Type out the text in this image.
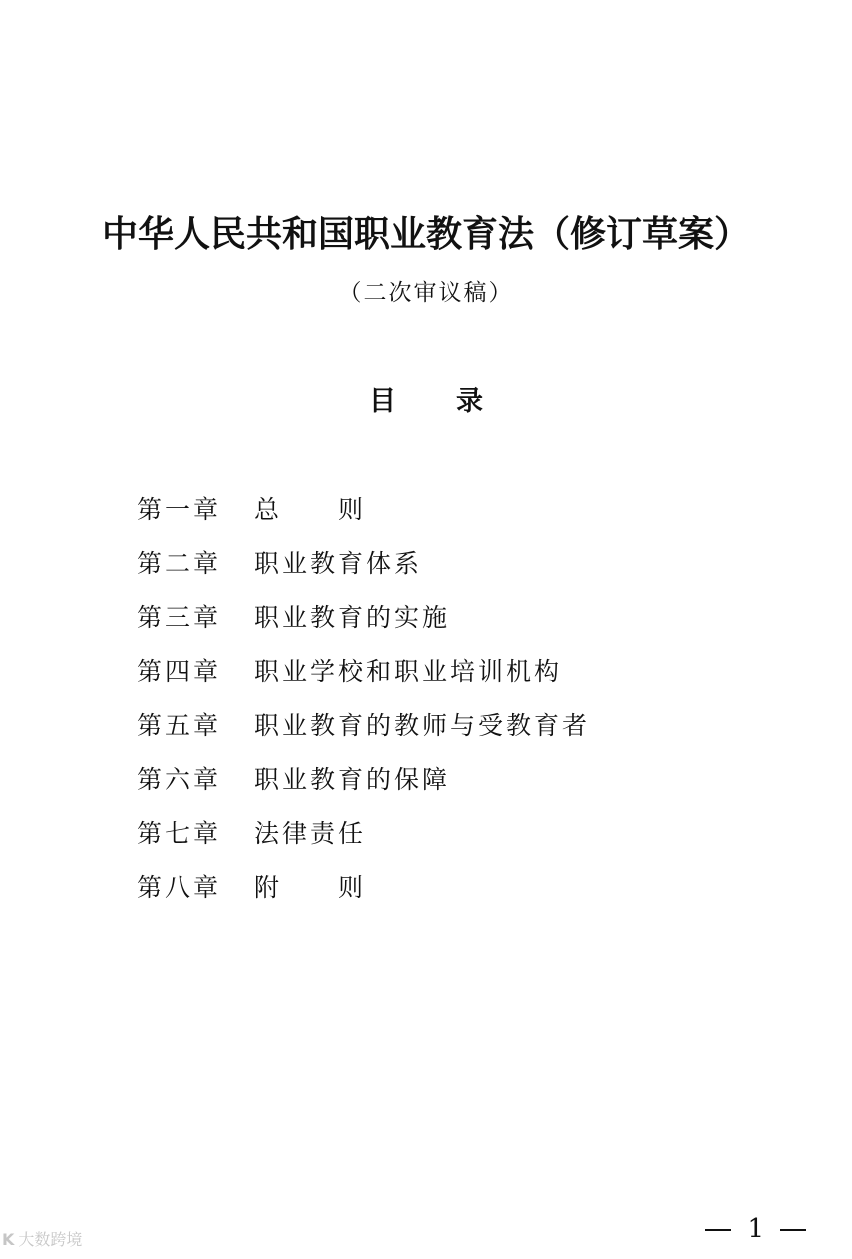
中华人民共和国职业教育法（修订草案）
（二次审议稿）
目 录
第一章 总　　则
第二章 职业教育体系
第三章 职业教育的实施
第四章 职业学校和职业培训机构
第五章 职业教育的教师与受教育者
第六章 职业教育的保障
第七章 法律责任
第八章 附　　则
1
K 大数跨境
